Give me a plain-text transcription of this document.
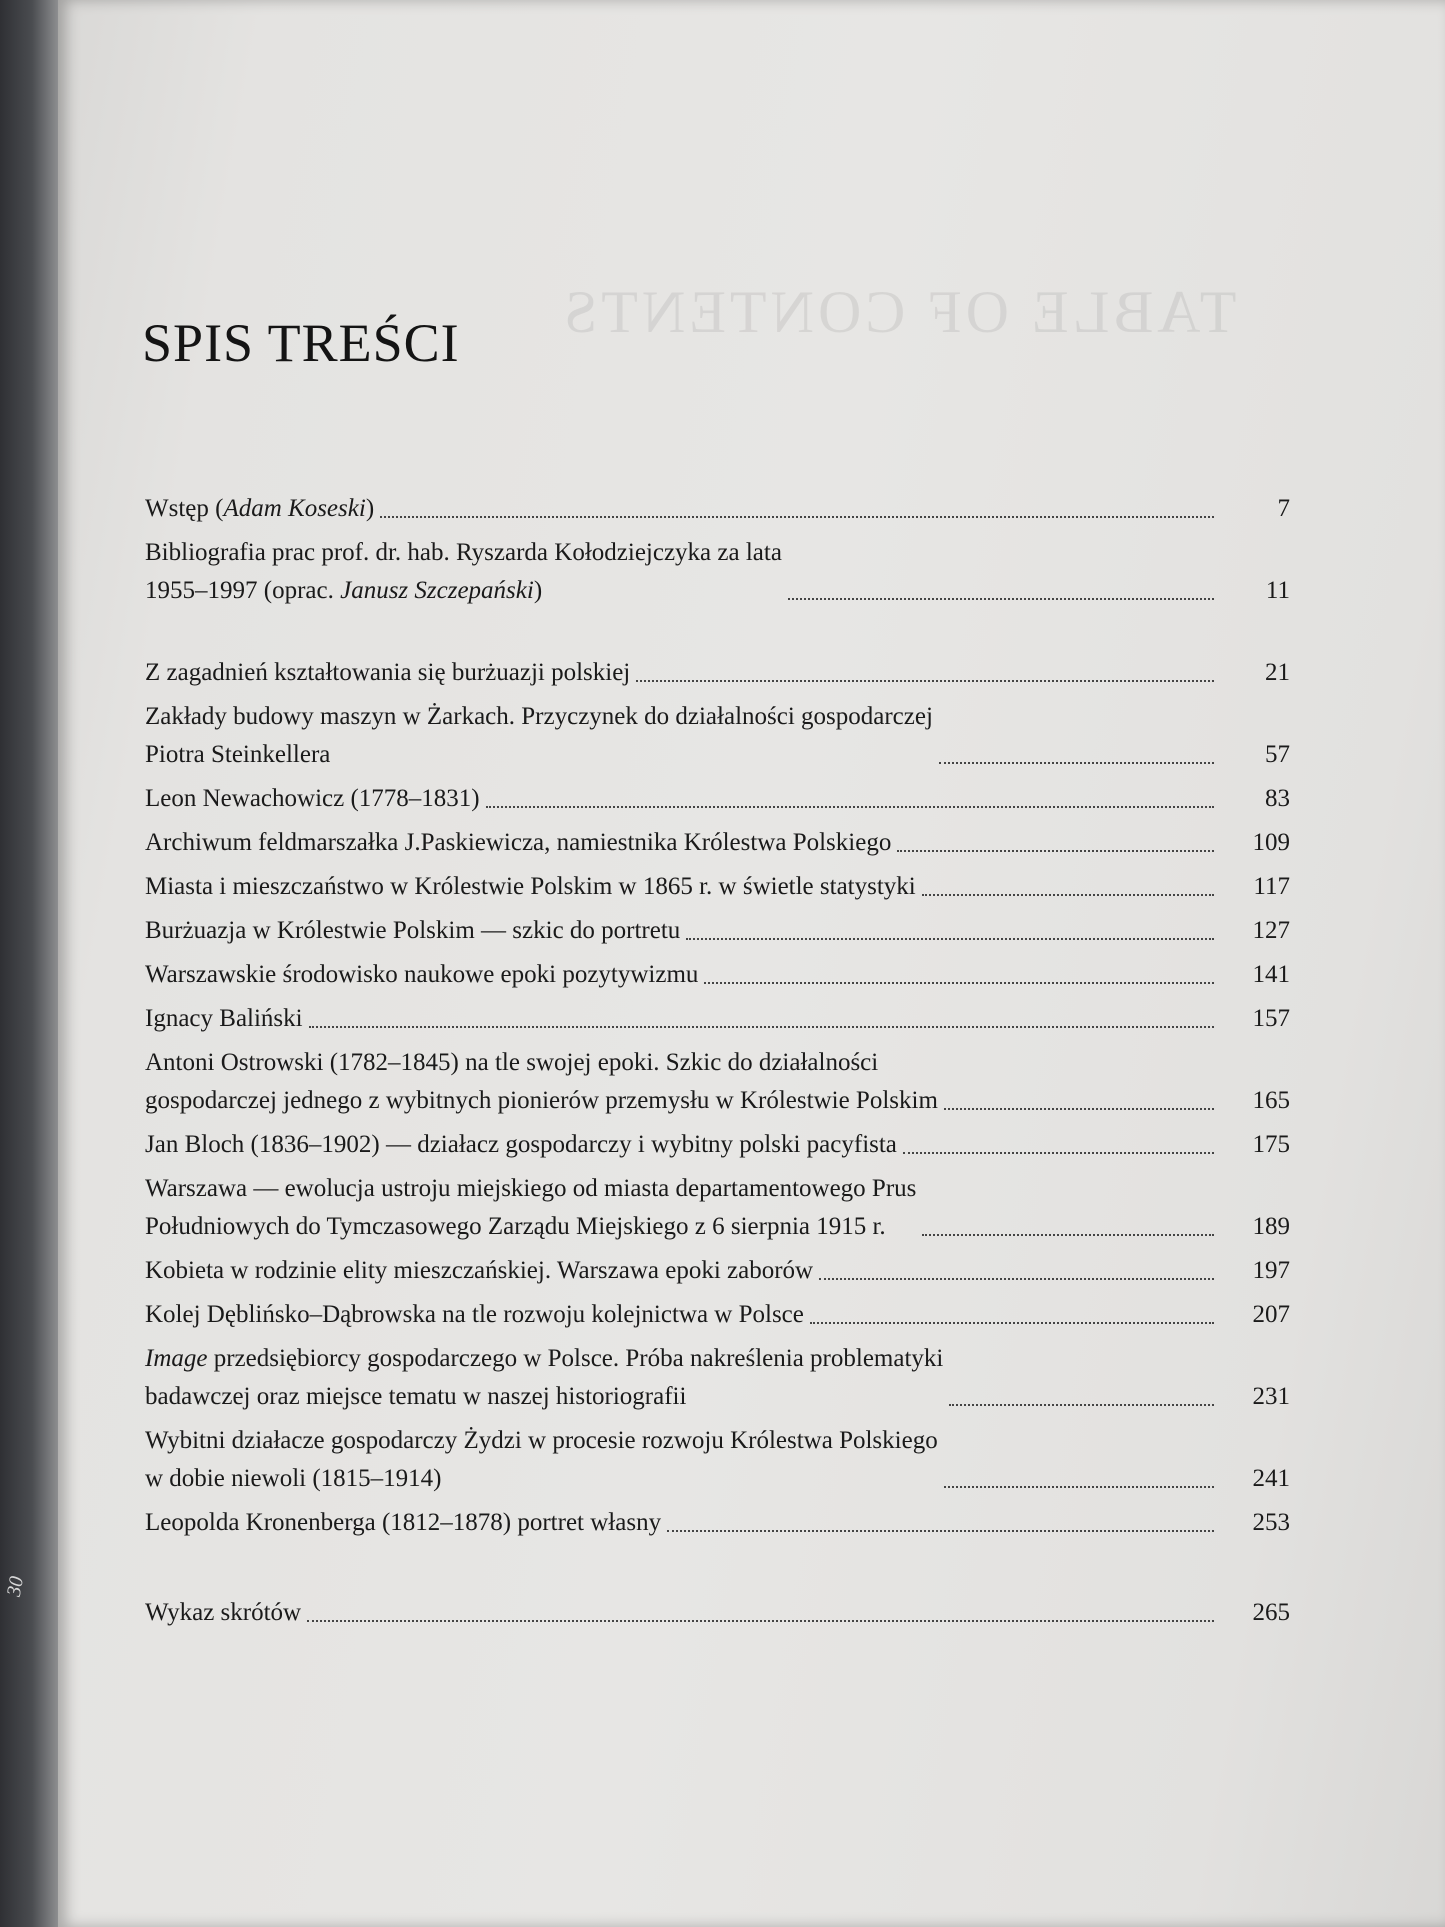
TABLE OF CONTENTS
SPIS TREŚCI
30
Wstęp (Adam Koseski)	7
Bibliografia prac prof. dr. hab. Ryszarda Kołodziejczyka za lata
1955–1997 (oprac. Janusz Szczepański)	11
Z zagadnień kształtowania się burżuazji polskiej	21
Zakłady budowy maszyn w Żarkach. Przyczynek do działalności gospodarczej
Piotra Steinkellera	57
Leon Newachowicz (1778–1831)	83
Archiwum feldmarszałka J.Paskiewicza, namiestnika Królestwa Polskiego	109
Miasta i mieszczaństwo w Królestwie Polskim w 1865 r. w świetle statystyki	117
Burżuazja w Królestwie Polskim — szkic do portretu	127
Warszawskie środowisko naukowe epoki pozytywizmu	141
Ignacy Baliński	157
Antoni Ostrowski (1782–1845) na tle swojej epoki. Szkic do działalności
gospodarczej jednego z wybitnych pionierów przemysłu w Królestwie Polskim	165
Jan Bloch (1836–1902) — działacz gospodarczy i wybitny polski pacyfista	175
Warszawa — ewolucja ustroju miejskiego od miasta departamentowego Prus
Południowych do Tymczasowego Zarządu Miejskiego z 6 sierpnia 1915 r.	189
Kobieta w rodzinie elity mieszczańskiej. Warszawa epoki zaborów	197
Kolej Dęblińsko–Dąbrowska na tle rozwoju kolejnictwa w Polsce	207
Image przedsiębiorcy gospodarczego w Polsce. Próba nakreślenia problematyki
badawczej oraz miejsce tematu w naszej historiografii	231
Wybitni działacze gospodarczy Żydzi w procesie rozwoju Królestwa Polskiego
w dobie niewoli (1815–1914)	241
Leopolda Kronenberga (1812–1878) portret własny	253
Wykaz skrótów	265
